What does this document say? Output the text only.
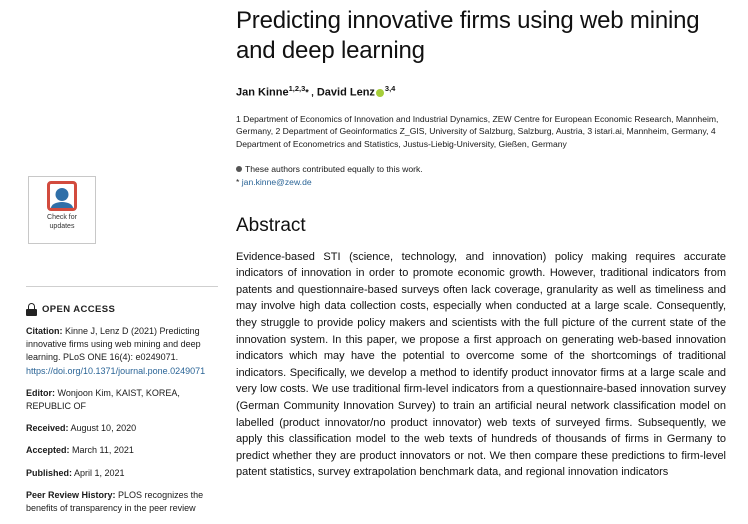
Check for
updates
OPEN ACCESS

Citation: Kinne J, Lenz D (2021) Predicting innovative firms using web mining and deep learning. PLoS ONE 16(4): e0249071. https://doi.org/10.1371/journal.pone.0249071

Editor: Wonjoon Kim, KAIST, KOREA, REPUBLIC OF

Received: August 10, 2020

Accepted: March 11, 2021

Published: April 1, 2021

Peer Review History: PLOS recognizes the benefits of transparency in the peer review

Predicting innovative firms using web mining and deep learning

Jan Kinne$^{1,2,3}$* , David Lenz $^{3,4}$

1 Department of Economics of Innovation and Industrial Dynamics, ZEW Centre for European Economic Research, Mannheim, Germany, 2 Department of Geoinformatics Z_GIS, University of Salzburg, Salzburg, Austria, 3 istari.ai, Mannheim, Germany, 4 Department of Econometrics and Statistics, Justus-Liebig-University, Gießen, Germany

These authors contributed equally to this work.
* jan.kinne@zew.de

Abstract

Evidence-based STI (science, technology, and innovation) policy making requires accurate indicators of innovation in order to promote economic growth. However, traditional indicators from patents and questionnaire-based surveys often lack coverage, granularity as well as timeliness and may involve high data collection costs, especially when conducted at a large scale. Consequently, they struggle to provide policy makers and scientists with the full picture of the current state of the innovation system. In this paper, we propose a first approach on generating web-based innovation indicators which may have the potential to overcome some of the shortcomings of traditional indicators. Specifically, we develop a method to identify product innovator firms at a large scale and very low costs. We use traditional firm-level indicators from a questionnaire-based innovation survey (German Community Innovation Survey) to train an artificial neural network classification model on labelled (product innovator/no product innovator) web texts of surveyed firms. Subsequently, we apply this classification model to the web texts of hundreds of thousands of firms in Germany to predict whether they are product innovators or not. We then compare these predictions to firm-level patent statistics, survey extrapolation benchmark data, and regional innovation indicators
